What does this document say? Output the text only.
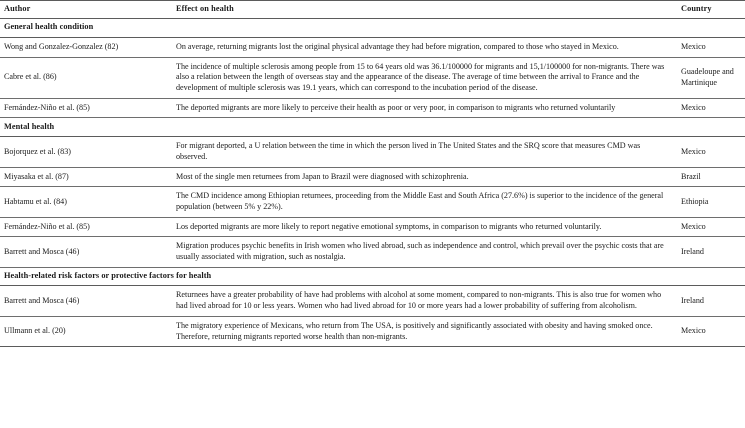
Author	Effect on health	Country
General health condition		
Wong and Gonzalez-Gonzalez (82)	On average, returning migrants lost the original physical advantage they had before migration, compared to those who stayed in Mexico.	Mexico
Cabre et al. (86)	The incidence of multiple sclerosis among people from 15 to 64 years old was 36.1/100000 for migrants and 15,1/100000 for non-migrants. There was also a relation between the length of overseas stay and the appearance of the disease. The average of time between the arrival to France and the development of multiple sclerosis was 19.1 years, which can correspond to the incubation period of the disease.	Guadeloupe and Martinique
Fernández-Niño et al. (85)	The deported migrants are more likely to perceive their health as poor or very poor, in comparison to migrants who returned voluntarily	Mexico
Mental health		
Bojorquez et al. (83)	For migrant deported, a U relation between the time in which the person lived in The United States and the SRQ score that measures CMD was observed.	Mexico
Miyasaka et al. (87)	Most of the single men returnees from Japan to Brazil were diagnosed with schizophrenia.	Brazil
Habtamu et al. (84)	The CMD incidence among Ethiopian returnees, proceeding from the Middle East and South Africa (27.6%) is superior to the incidence of the general population (between 5% y 22%).	Ethiopia
Fernández-Niño et al. (85)	Los deported migrants are more likely to report negative emotional symptoms, in comparison to migrants who returned voluntarily.	Mexico
Barrett and Mosca (46)	Migration produces psychic benefits in Irish women who lived abroad, such as independence and control, which prevail over the psychic costs that are usually associated with migration, such as nostalgia.	Ireland
Health-related risk factors or protective factors for health		
Barrett and Mosca (46)	Returnees have a greater probability of have had problems with alcohol at some moment, compared to non-migrants. This is also true for women who had lived abroad for 10 or less years. Women who had lived abroad for 10 or more years had a lower probability of suffering from alcoholism.	Ireland
Ullmann et al. (20)	The migratory experience of Mexicans, who return from The USA, is positively and significantly associated with obesity and having smoked once. Therefore, returning migrants reported worse health than non-migrants.	Mexico
